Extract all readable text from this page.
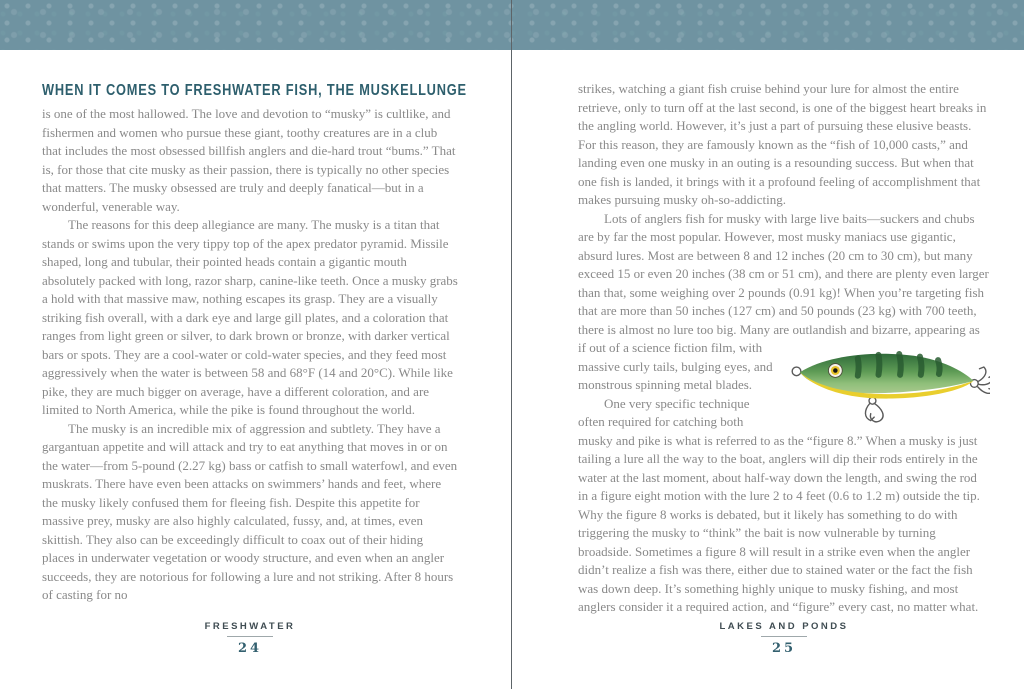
WHEN IT COMES TO FRESHWATER FISH, THE MUSKELLUNGE

is one of the most hallowed. The love and devotion to “musky” is cultlike, and fishermen and women who pursue these giant, toothy creatures are in a club that includes the most obsessed billfish anglers and die-hard trout “bums.” That is, for those that cite musky as their passion, there is typically no other species that matters. The musky obsessed are truly and deeply fanatical—but in a wonderful, venerable way.

The reasons for this deep allegiance are many. The musky is a titan that stands or swims upon the very tippy top of the apex predator pyramid. Missile shaped, long and tubular, their pointed heads contain a gigantic mouth absolutely packed with long, razor sharp, canine-like teeth. Once a musky grabs a hold with that massive maw, nothing escapes its grasp. They are a visually striking fish overall, with a dark eye and large gill plates, and a coloration that ranges from light green or silver, to dark brown or bronze, with darker vertical bars or spots. They are a cool-water or cold-water species, and they feed most aggressively when the water is between 58 and 68°F (14 and 20°C). While like pike, they are much bigger on average, have a different coloration, and are limited to North America, while the pike is found throughout the world.

The musky is an incredible mix of aggression and subtlety. They have a gargantuan appetite and will attack and try to eat anything that moves in or on the water—from 5-pound (2.27 kg) bass or catfish to small waterfowl, and even muskrats. There have even been attacks on swimmers’ hands and feet, where the musky likely confused them for fleeing fish. Despite this appetite for massive prey, musky are also highly calculated, fussy, and, at times, even skittish. They also can be exceedingly difficult to coax out of their hiding places in underwater vegetation or woody structure, and even when an angler succeeds, they are notorious for following a lure and not striking. After 8 hours of casting for no

FRESHWATER
24

strikes, watching a giant fish cruise behind your lure for almost the entire retrieve, only to turn off at the last second, is one of the biggest heart breaks in the angling world. However, it’s just a part of pursuing these elusive beasts. For this reason, they are famously known as the “fish of 10,000 casts,” and landing even one musky in an outing is a resounding success. But when that one fish is landed, it brings with it a profound feeling of accomplishment that makes pursuing musky oh-so-addicting.

Lots of anglers fish for musky with large live baits—suckers and chubs are by far the most popular. However, most musky maniacs use gigantic, absurd lures. Most are between 8 and 12 inches (20 cm to 30 cm), but many exceed 15 or even 20 inches (38 cm or 51 cm), and there are plenty even larger than that, some weighing over 2 pounds (0.91 kg)! When you’re targeting fish that are more than 50 inches (127 cm) and 50 pounds (23 kg) with 700 teeth, there is almost no lure too big. Many are outlandish and bizarre, appearing as if out of a science fiction film, with massive curly tails, bulging eyes, and monstrous spinning metal blades.

One very specific technique often required for catching both musky and pike is what is referred to as the “figure 8.” When a musky is just tailing a lure all the way to the boat, anglers will dip their rods entirely in the water at the last moment, about half-way down the length, and swing the rod in a figure eight motion with the lure 2 to 4 feet (0.6 to 1.2 m) outside the tip. Why the figure 8 works is debated, but it likely has something to do with triggering the musky to “think” the bait is now vulnerable by turning broadside. Sometimes a figure 8 will result in a strike even when the angler didn’t realize a fish was there, either due to stained water or the fact the fish was down deep. It’s something highly unique to musky fishing, and most anglers consider it a required action, and “figure” every cast, no matter what.

LAKES AND PONDS
25
